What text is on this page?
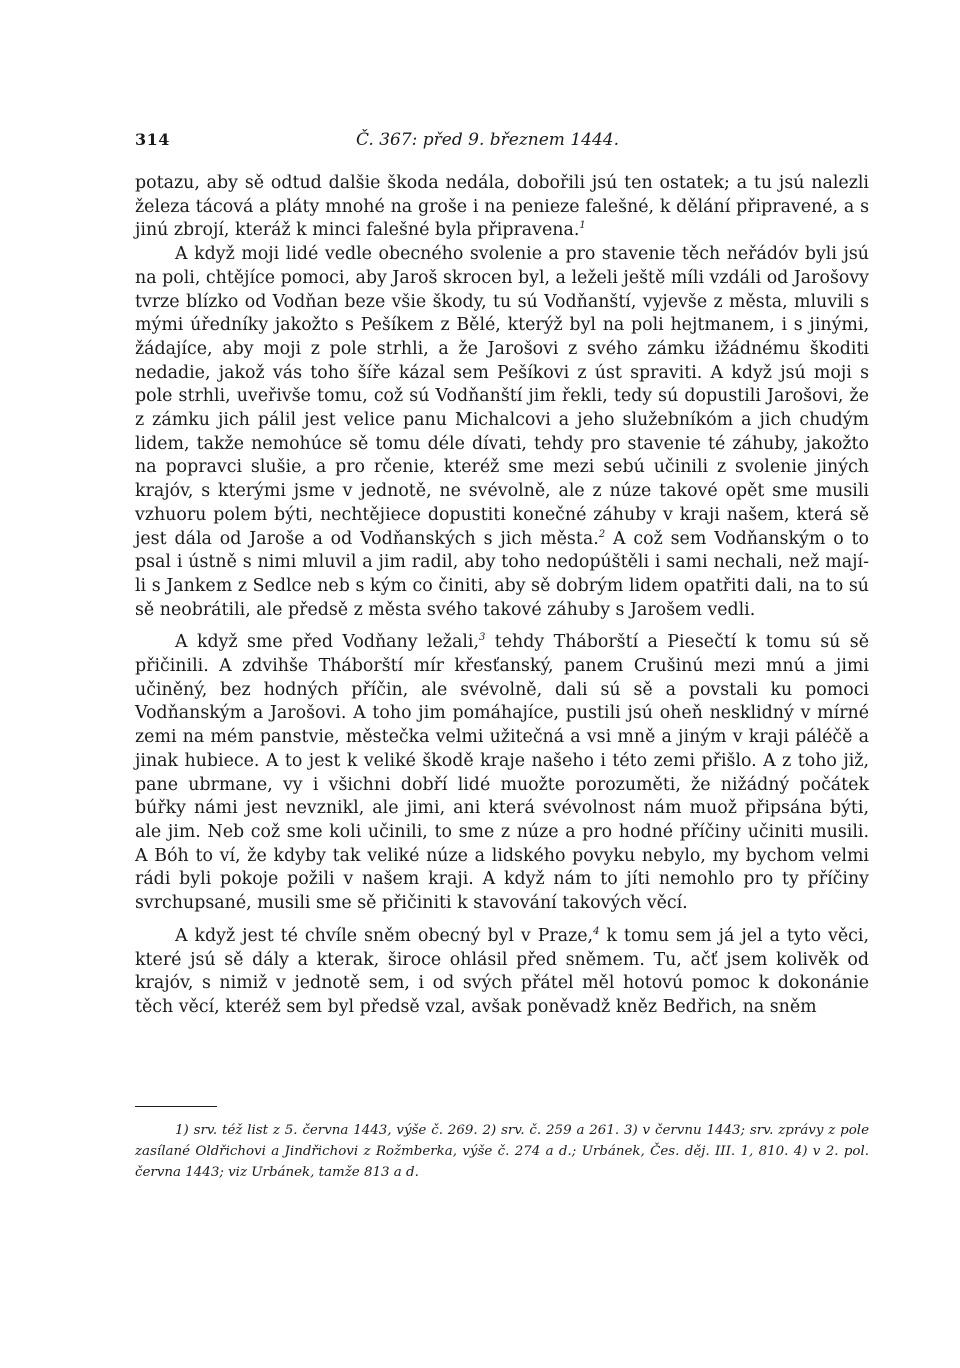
314	Č. 367: před 9. březnem 1444.

potazu, aby sě odtud dalšie škoda nedála, dobořili jsú ten ostatek; a tu jsú nalezli železa tácová a pláty mnohé na groše i na penieze falešné, k dělání připravené, a s jinú zbrojí, kteráž k minci falešné byla připravena.$^1$

A když moji lidé vedle obecného svolenie a pro stavenie těch neřádóv byli jsú na poli, chtějíce pomoci, aby Jaroš skrocen byl, a leželi ještě míli vzdáli od Jarošovy tvrze blízko od Vodňan beze všie škody, tu sú Vodňanští, vyjevše z města, mluvili s mými úředníky jakožto s Pešíkem z Bělé, kterýž byl na poli hejtmanem, i s jinými, žádajíce, aby moji z pole strhli, a že Jarošovi z svého zámku ižádnému škoditi nedadie, jakož vás toho šíře kázal sem Pešíkovi z úst spraviti. A když jsú moji s pole strhli, uveřivše tomu, což sú Vodňanští jim řekli, tedy sú dopustili Jarošovi, že z zámku jich pálil jest velice panu Michalcovi a jeho služebníkóm a jich chudým lidem, takže nemohúce sě tomu déle dívati, tehdy pro stavenie té záhuby, jakožto na popravci slušie, a pro rčenie, kteréž sme mezi sebú učinili z svolenie jiných krajóv, s kterými jsme v jednotě, ne svévolně, ale z núze takové opět sme musili vzhuoru polem býti, nechtějiece dopustiti konečné záhuby v kraji našem, která sě jest dála od Jaroše a od Vodňanských s jich města.$^2$ A což sem Vodňanským o to psal i ústně s nimi mluvil a jim radil, aby toho nedopúštěli i sami nechali, než mají-li s Jankem z Sedlce neb s kým co činiti, aby sě dobrým lidem opatřiti dali, na to sú sě neobrátili, ale předsě z města svého takové záhuby s Jarošem vedli.

A když sme před Vodňany ležali,$^3$ tehdy Tháborští a Piesečtí k tomu sú sě přičinili. A zdvihše Tháborští mír křesťanský, panem Crušinú mezi mnú a jimi učiněný, bez hodných příčin, ale svévolně, dali sú sě a povstali ku pomoci Vodňanským a Jarošovi. A toho jim pomáhajíce, pustili jsú oheň nesklidný v mírné zemi na mém panstvie, městečka velmi užitečná a vsi mně a jiným v kraji páléčě a jinak hubiece. A to jest k veliké škodě kraje našeho i této zemi přišlo. A z toho již, pane ubrmane, vy i všichni dobří lidé muožte porozuměti, že nižádný počátek búřky námi jest nevznikl, ale jimi, ani která svévolnost nám muož připsána býti, ale jim. Neb což sme koli učinili, to sme z núze a pro hodné příčiny učiniti musili. A Bóh to ví, že kdyby tak veliké núze a lidského povyku nebylo, my bychom velmi rádi byli pokoje požili v našem kraji. A když nám to jíti nemohlo pro ty příčiny svrchupsané, musili sme sě přičiniti k stavování takových věcí.

A když jest té chvíle sněm obecný byl v Praze,$^4$ k tomu sem já jel a tyto věci, které jsú sě dály a kterak, široce ohlásil před sněmem. Tu, ačť jsem kolivěk od krajóv, s nimiž v jednotě sem, i od svých přátel měl hotovú pomoc k dokonánie těch věcí, kteréž sem byl předsě vzal, avšak poněvadž kněz Bedřich, na sněm

1) srv. též list z 5. června 1443, výše č. 269. 2) srv. č. 259 a 261. 3) v červnu 1443; srv. zprávy z pole zasílané Oldřichovi a Jindřichovi z Rožmberka, výše č. 274 a d.; Urbánek, Čes. děj. III. 1, 810. 4) v 2. pol. června 1443; viz Urbánek, tamže 813 a d.
